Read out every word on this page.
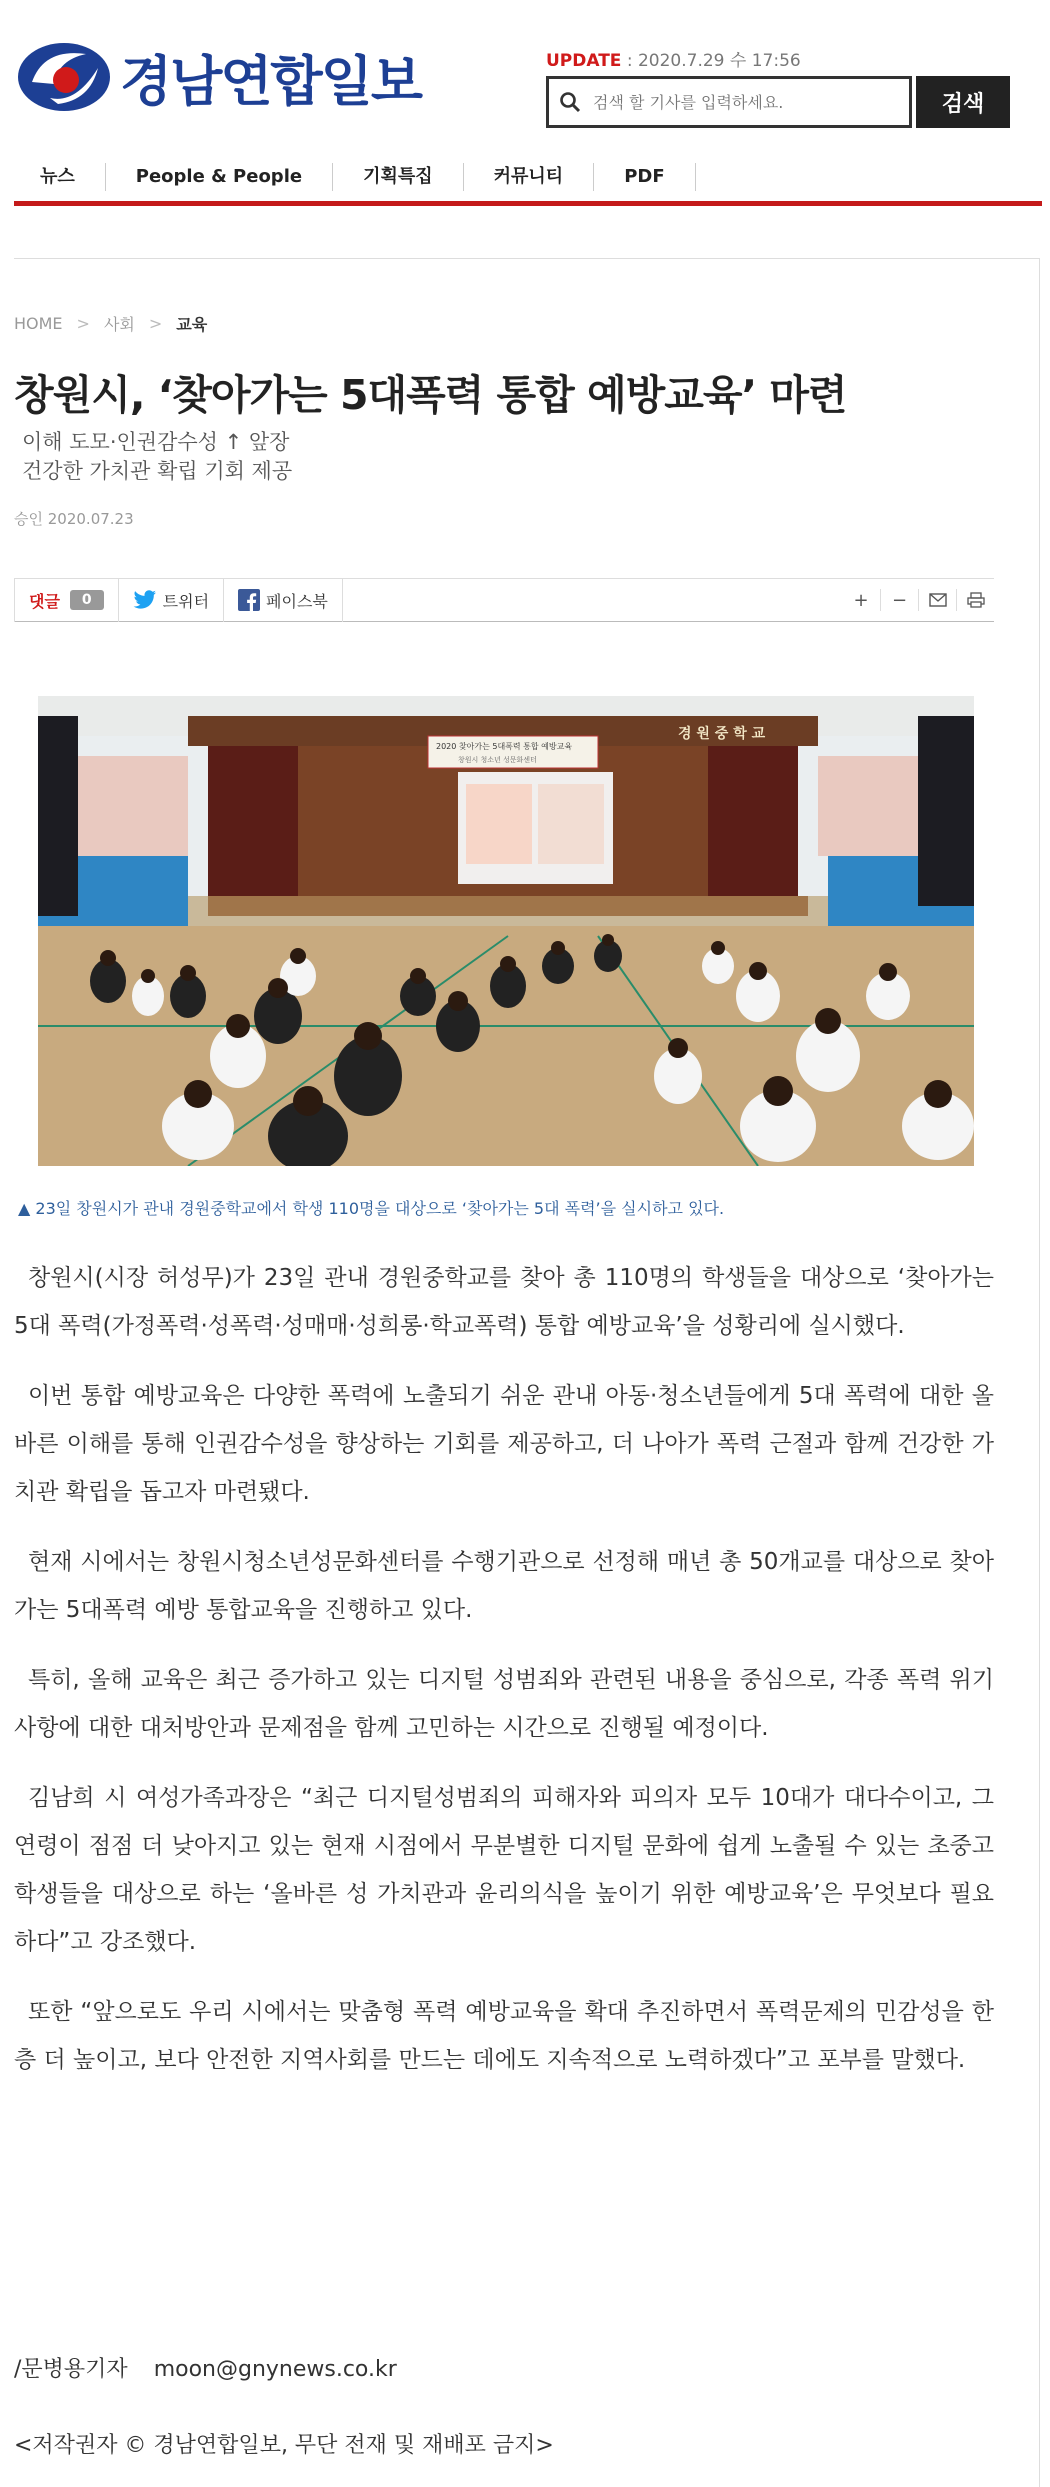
경남연합일보	UPDATE : 2020.7.29 수 17:56
검색 할 기사를 입력하세요.
검색
뉴스	People & People	기획특집	커뮤니티	PDF
HOME > 사회 > 교육
창원시, ‘찾아가는 5대폭력 통합 예방교육’ 마련
이해 도모·인권감수성 ↑ 앞장
건강한 가치관 확립 기회 제공
승인 2020.07.23
댓글	0	트위터	페이스북	+	−
경 원 중 학 교
2020 찾아가는 5대폭력 통합 예방교육
창원시 청소년 성문화센터
▲ 23일 창원시가 관내 경원중학교에서 학생 110명을 대상으로 ‘찾아가는 5대 폭력’을 실시하고 있다.

창원시(시장 허성무)가 23일 관내 경원중학교를 찾아 총 110명의 학생들을 대상으로 ‘찾아가는 5대 폭력(가정폭력·성폭력·성매매·성희롱·학교폭력) 통합 예방교육’을 성황리에 실시했다.

이번 통합 예방교육은 다양한 폭력에 노출되기 쉬운 관내 아동·청소년들에게 5대 폭력에 대한 올바른 이해를 통해 인권감수성을 향상하는 기회를 제공하고, 더 나아가 폭력 근절과 함께 건강한 가치관 확립을 돕고자 마련됐다.

현재 시에서는 창원시청소년성문화센터를 수행기관으로 선정해 매년 총 50개교를 대상으로 찾아가는 5대폭력 예방 통합교육을 진행하고 있다.

특히, 올해 교육은 최근 증가하고 있는 디지털 성범죄와 관련된 내용을 중심으로, 각종 폭력 위기사항에 대한 대처방안과 문제점을 함께 고민하는 시간으로 진행될 예정이다.

김남희 시 여성가족과장은 “최근 디지털성범죄의 피해자와 피의자 모두 10대가 대다수이고, 그 연령이 점점 더 낮아지고 있는 현재 시점에서 무분별한 디지털 문화에 쉽게 노출될 수 있는 초중고 학생들을 대상으로 하는 ‘올바른 성 가치관과 윤리의식을 높이기 위한 예방교육’은 무엇보다 필요하다”고 강조했다.

또한 “앞으로도 우리 시에서는 맞춤형 폭력 예방교육을 확대 추진하면서 폭력문제의 민감성을 한층 더 높이고, 보다 안전한 지역사회를 만드는 데에도 지속적으로 노력하겠다”고 포부를 말했다.

/문병용기자 moon@gnynews.co.kr
<저작권자 © 경남연합일보, 무단 전재 및 재배포 금지>
